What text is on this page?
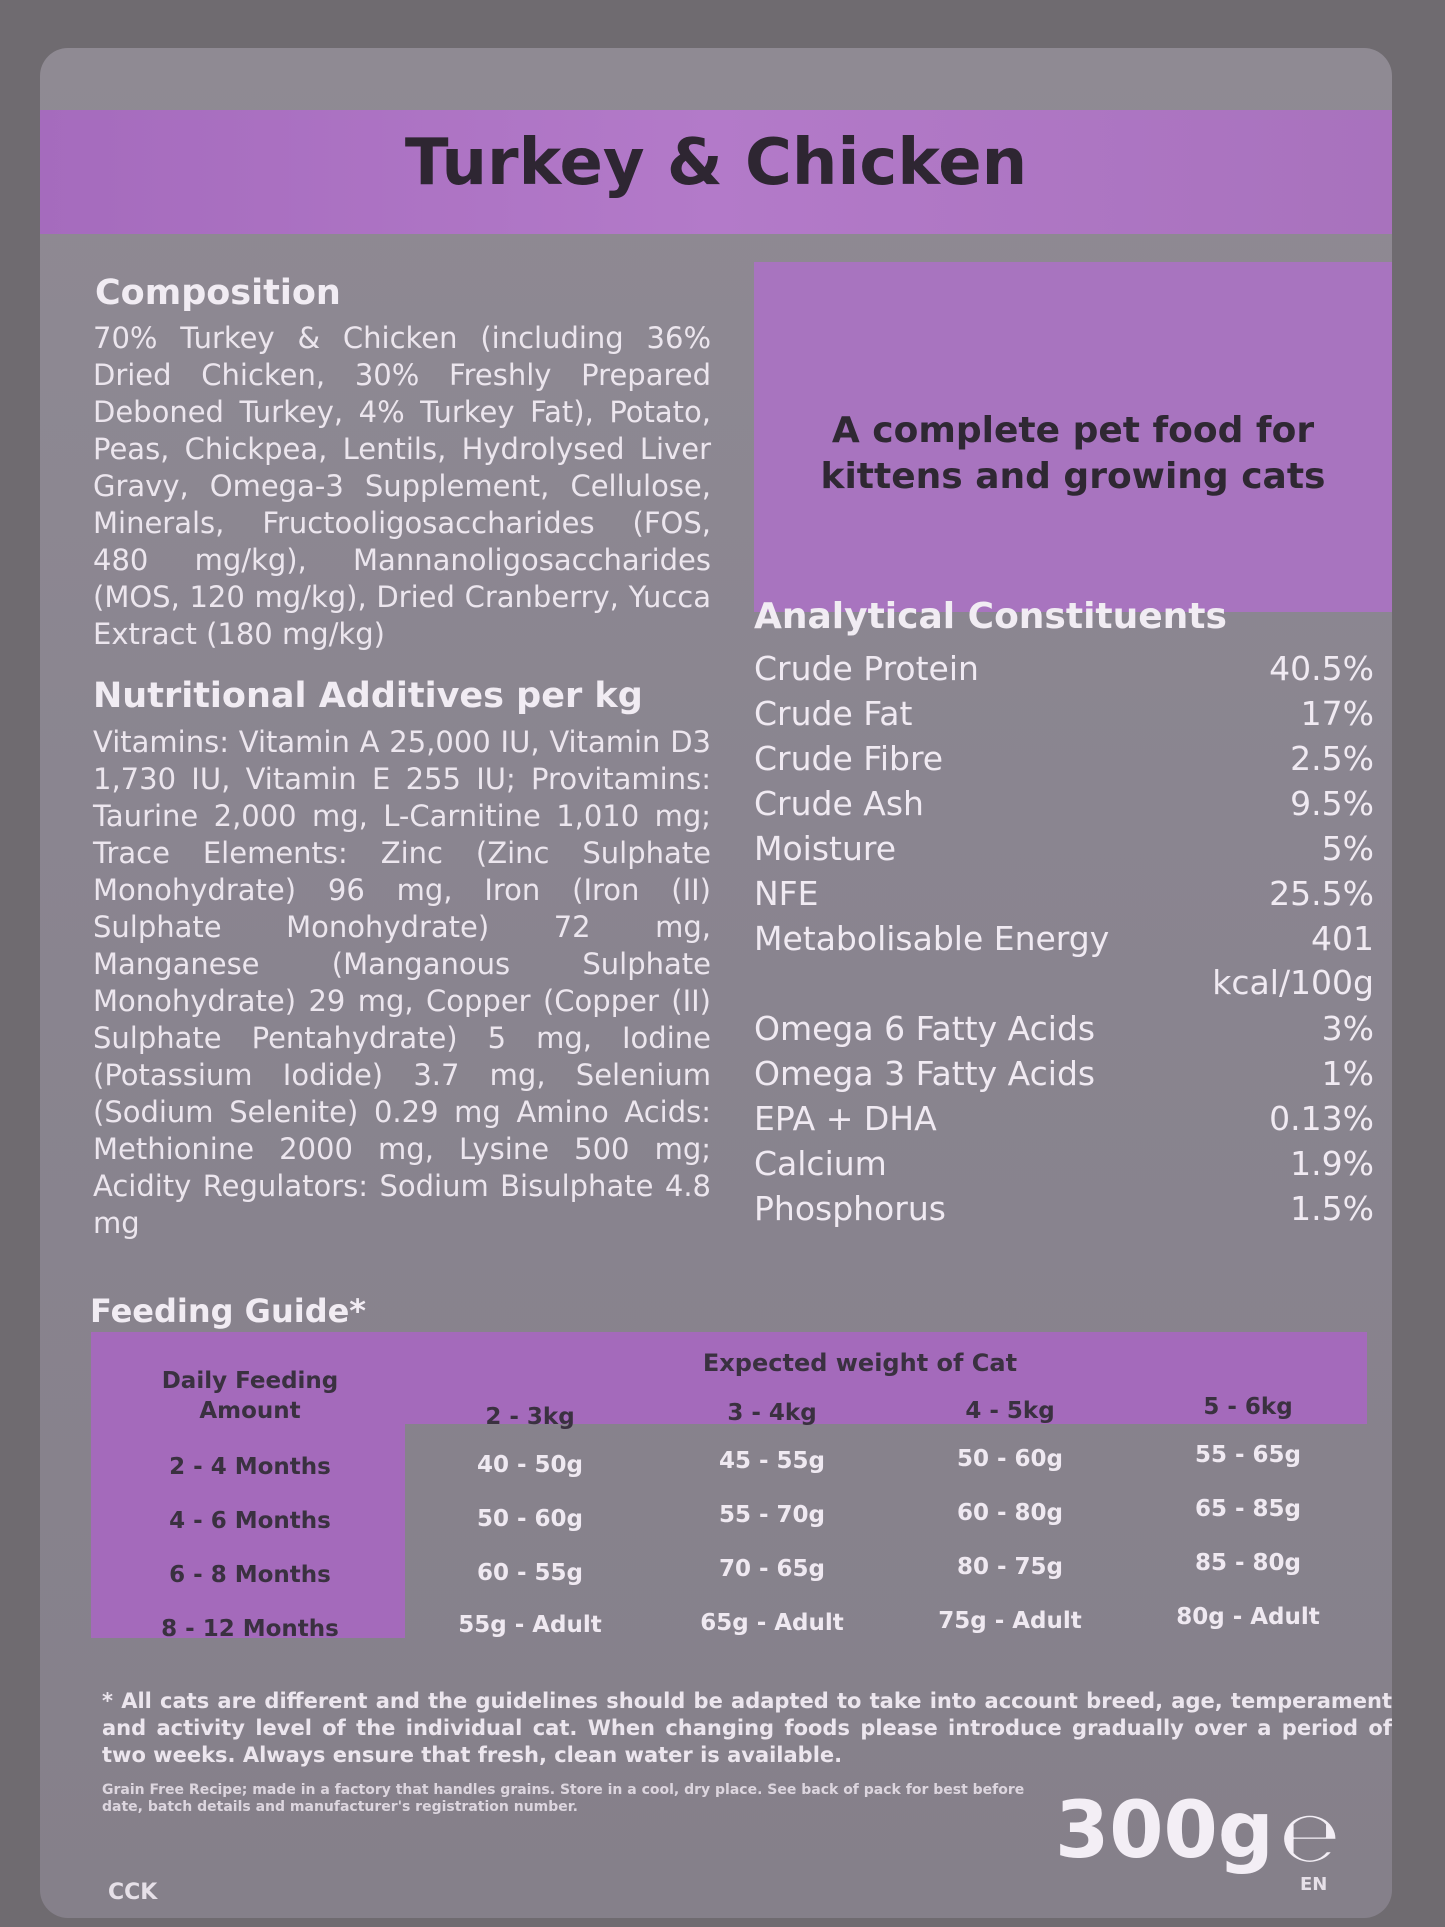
Turkey & Chicken
Composition
70% Turkey & Chicken (including 36% Dried Chicken, 30% Freshly Prepared Deboned Turkey, 4% Turkey Fat), Potato, Peas, Chickpea, Lentils, Hydrolysed Liver Gravy, Omega-3 Supplement, Cellulose, Minerals, Fructooligosaccharides (FOS, 480 mg/kg), Mannanoligosaccharides (MOS, 120 mg/kg), Dried Cranberry, Yucca Extract (180 mg/kg)
Nutritional Additives per kg
Vitamins: Vitamin A 25,000 IU, Vitamin D3 1,730 IU, Vitamin E 255 IU; Provitamins: Taurine 2,000 mg, L-Carnitine 1,010 mg; Trace Elements: Zinc (Zinc Sulphate Monohydrate) 96 mg, Iron (Iron (II) Sulphate Monohydrate) 72 mg, Manganese (Manganous Sulphate Monohydrate) 29 mg, Copper (Copper (II) Sulphate Pentahydrate) 5 mg, Iodine (Potassium Iodide) 3.7 mg, Selenium (Sodium Selenite) 0.29 mg Amino Acids: Methionine 2000 mg, Lysine 500 mg; Acidity Regulators: Sodium Bisulphate 4.8 mg
A complete pet food for
kittens and growing cats
Analytical Constituents
Crude Protein	40.5%
Crude Fat	17%
Crude Fibre	2.5%
Crude Ash	9.5%
Moisture	5%
NFE	25.5%
Metabolisable Energy	401
kcal/100g
Omega 6 Fatty Acids	3%
Omega 3 Fatty Acids	1%
EPA + DHA	0.13%
Calcium	1.9%
Phosphorus	1.5%
Feeding Guide*
Daily Feeding
Amount
Expected weight of Cat
2 - 3kg	3 - 4kg	4 - 5kg	5 - 6kg
2 - 4 Months	40 - 50g	45 - 55g	50 - 60g	55 - 65g
4 - 6 Months	50 - 60g	55 - 70g	60 - 80g	65 - 85g
6 - 8 Months	60 - 55g	70 - 65g	80 - 75g	85 - 80g
8 - 12 Months	55g - Adult	65g - Adult	75g - Adult	80g - Adult
* All cats are different and the guidelines should be adapted to take into account breed, age, temperament and activity level of the individual cat. When changing foods please introduce gradually over a period of two weeks. Always ensure that fresh, clean water is available.
Grain Free Recipe; made in a factory that handles grains. Store in a cool, dry place. See back of pack for best before date, batch details and manufacturer's registration number.	300g ℮
EN
CCK
